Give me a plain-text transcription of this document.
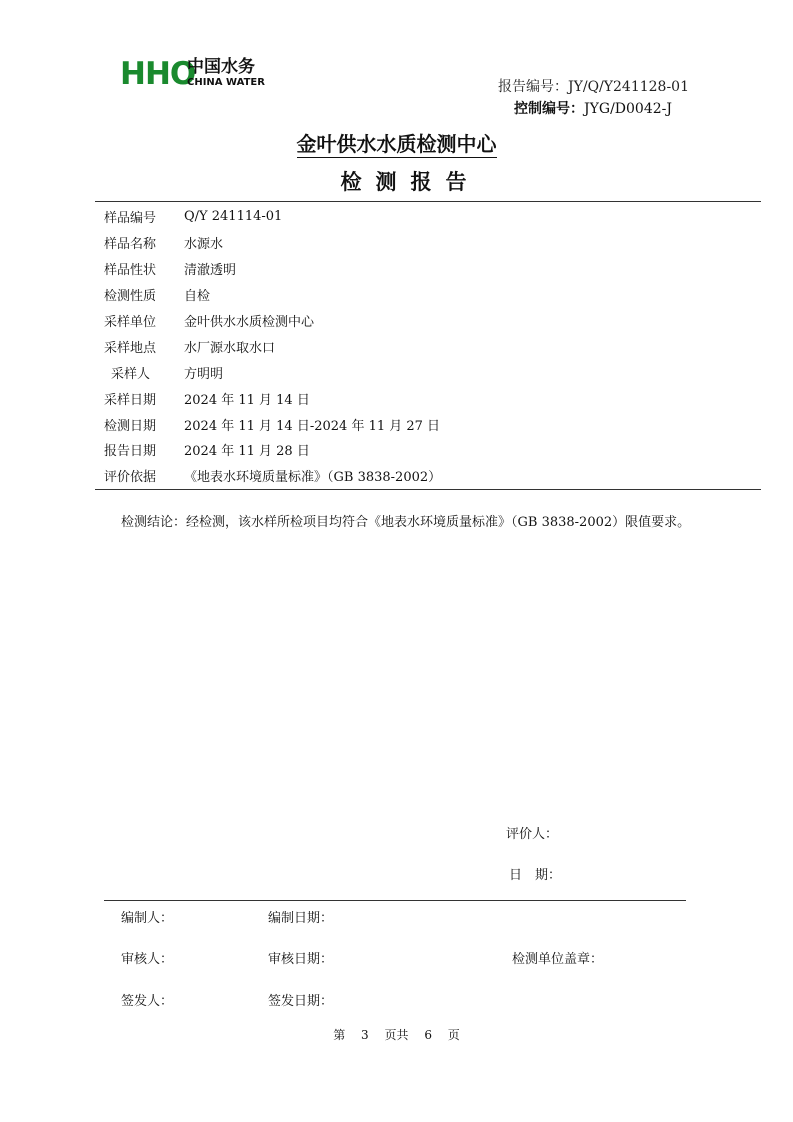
HHO
中国水务
CHINA WATER	报告编号：JY/Q/Y241128-01
控制编号：JYG/D0042-J
金叶供水水质检测中心
检测报告
样品编号	Q/Y 241114-01
样品名称	水源水
样品性状	清澈透明
检测性质	自检
采样单位	金叶供水水质检测中心
采样地点	水厂源水取水口
采样人	方明明
采样日期	2024 年 11 月 14 日
检测日期	2024 年 11 月 14 日-2024 年 11 月 27 日
报告日期	2024 年 11 月 28 日
评价依据	《地表水环境质量标准》（GB 3838-2002）
检测结论：经检测，该水样所检项目均符合《地表水环境质量标准》（GB 3838-2002）限值要求。
评价人：
日　期：
编制人：	编制日期：
审核人：	审核日期：	检测单位盖章：
签发人：	签发日期：
第 3 页共 6 页
